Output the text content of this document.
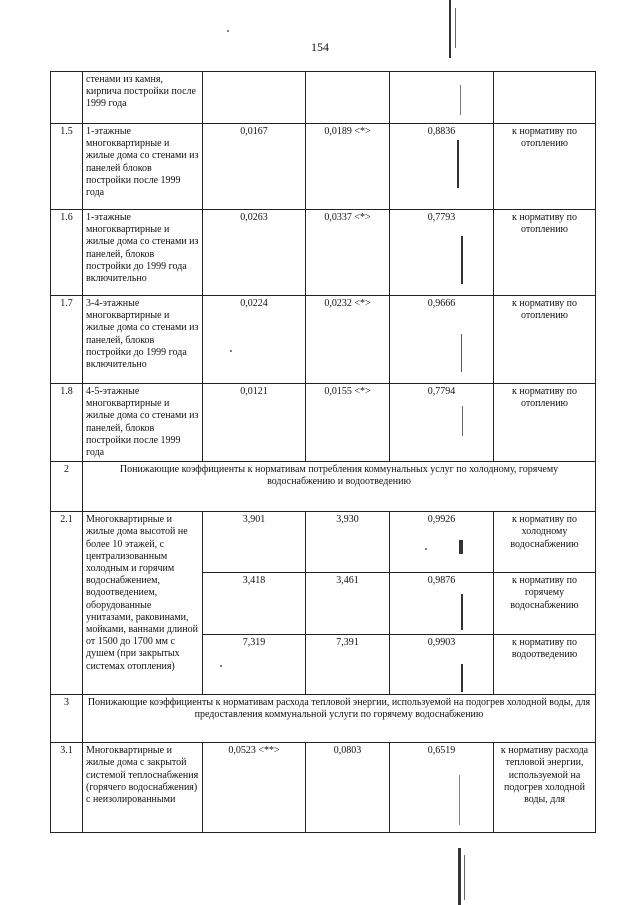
154
	стенами из камня, кирпича постройки после 1999 года				
1.5	1-этажные многоквартирные и жилые дома со стенами из панелей блоков постройки после 1999 года	0,0167	0,0189 <*>	0,8836	к нормативу по отоплению
1.6	1-этажные многоквартирные и жилые дома со стенами из панелей, блоков постройки до 1999 года включительно	0,0263	0,0337 <*>	0,7793	к нормативу по отоплению
1.7	3-4-этажные многоквартирные и жилые дома со стенами из панелей, блоков постройки до 1999 года включительно	0,0224	0,0232 <*>	0,9666	к нормативу по отоплению
1.8	4-5-этажные многоквартирные и жилые дома со стенами из панелей, блоков постройки после 1999 года	0,0121	0,0155 <*>	0,7794	к нормативу по отоплению
2	Понижающие коэффициенты к нормативам потребления коммунальных услуг по холодному, горячему водоснабжению и водоотведению				
2.1	Многоквартирные и жилые дома высотой не более 10 этажей, с централизованным холодным и горячим водоснабжением, водоотведением, оборудованные унитазами, раковинами, мойками, ваннами длиной от 1500 до 1700 мм с душем (при закрытых системах отопления)	3,901	3,930	0,9926	к нормативу по холодному водоснабжению
		3,418	3,461	0,9876	к нормативу по горячему водоснабжению
		7,319	7,391	0,9903	к нормативу по водоотведению
3	Понижающие коэффициенты к нормативам расхода тепловой энергии, используемой на подогрев холодной воды, для предоставления коммунальной услуги по горячему водоснабжению				
3.1	Многоквартирные и жилые дома с закрытой системой теплоснабжения (горячего водоснабжения) с неизолированными	0,0523 <**>	0,0803	0,6519	к нормативу расхода тепловой энергии, используемой на подогрев холодной воды, для
